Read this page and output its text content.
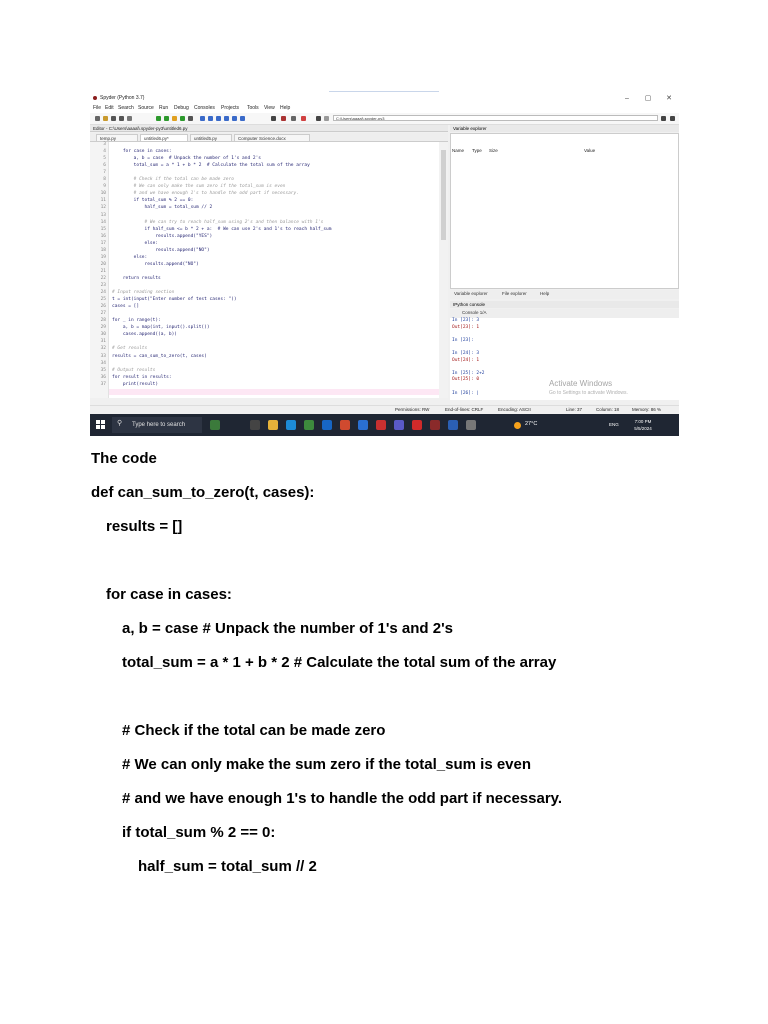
Spyder (Python 3.7)	–	▢	✕
File Edit Search Source Run Debug Consoles Projects Tools View Help
C:\Users\aaaal\.spyder-py3
Editor - C:\Users\aaaal\.spyder-py3\untitled6.py
temp.py	untitled6.py*	untitled5.py	Computer Science.docx
3
4
5
6
7
8
9
10
11
12
13
14
15
16
17
18
19
20
21
22
23
24
25
26
27
28
29
30
31
32
33
34
35
36
37
for case in cases:
a, b = case  # Unpack the number of 1's and 2's
total_sum = a * 1 + b * 2  # Calculate the total sum of the array
# Check if the total can be made zero
# We can only make the sum zero if the total_sum is even
# and we have enough 1's to handle the odd part if necessary.
if total_sum % 2 == 0:
half_sum = total_sum // 2
# We can try to reach half_sum using 2's and then balance with 1's
if half_sum <= b * 2 + a:  # We can use 2's and 1's to reach half_sum
results.append("YES")
else:
results.append("NO")
else:
results.append("NO")
return results
# Input reading section
t = int(input("Enter number of test cases: "))
cases = []
for _ in range(t):
a, b = map(int, input().split())
cases.append((a, b))
# Get results
results = can_sum_to_zero(t, cases)
# Output results
for result in results:
print(result)
Variable explorer
Name Type Size	Value
Variable explorer	File explorer	Help
IPython console
Console 1/A
In [23]: 3
Out[23]: 1
In [23]:
In [24]: 3
Out[24]: 1
In [25]: 2+2
Out[25]: 0
In [26]: |
Activate Windows
Go to Settings to activate Windows.
Permissions: RW	End-of-lines: CRLF	Encoding: ASCII	Line: 37	Column: 18	Memory: 86 %
⚲ Type here to search	27°C	ENG
7:00 PM
5/5/2024
The code
def can_sum_to_zero(t, cases):
results = []
for case in cases:
a, b = case # Unpack the number of 1's and 2's
total_sum = a * 1 + b * 2 # Calculate the total sum of the array
# Check if the total can be made zero
# We can only make the sum zero if the total_sum is even
# and we have enough 1's to handle the odd part if necessary.
if total_sum % 2 == 0:
half_sum = total_sum // 2
